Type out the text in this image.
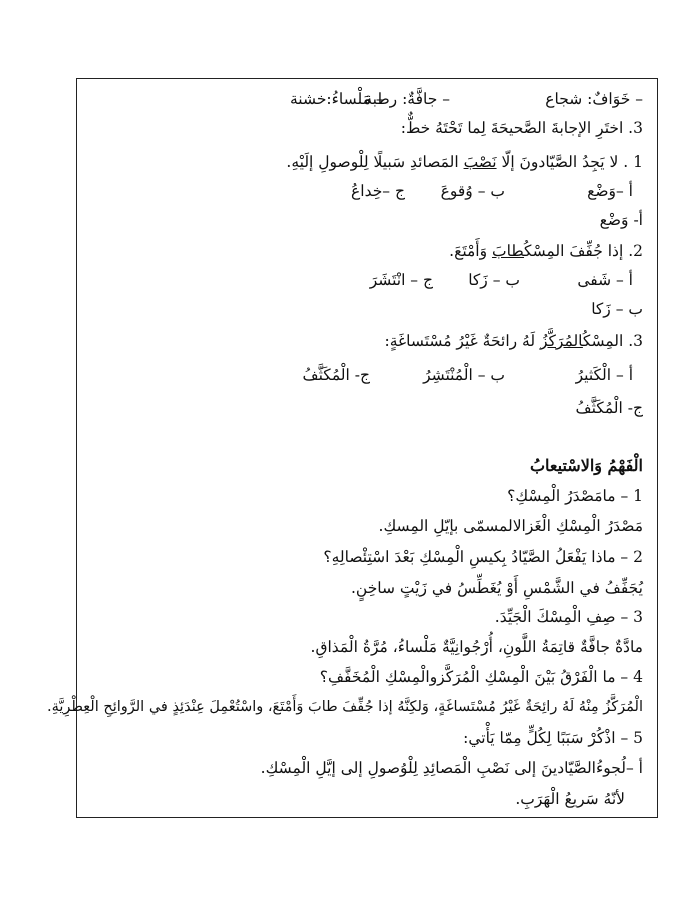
– خَوَافٌ: شجاع
– جافَّةٌ: رطبة
– مَلْساءُ:خشنة
3. اختَرِ الإجابةَ الصَّحيحَةَ لِما تَحْتَهُ خطٌّ:
1 . لا يَجِدُ الصَّيّادونَ إلّا نَصْبَ المَصائدِ سَبيلًا لِلْوصولِ إلَيْهِ.
أ –وَضْع
ب – وُقوعَ
ج –خِداعُ
أ- وَضْع
2. إذا جُفِّفَ المِسْكُطابَ وَأَمْتَعَ.
أ – شَفى
ب – زَكا
ج – انْتَشَرَ
ب – زَكا
3. المِسْكُالمُرَكَّزُ لَهُ رائحَةٌ غَيْرُ مُسْتَساغَةٍ:
أ – الْكَثيرُ
ب – الْمُنْتَشِرُ
ج- الْمُكَثَّفُ
ج- الْمُكَثَّفُ
الْفَهْمُ وَالاسْتيعابُ
1 – مامَصْدَرُ الْمِسْكِ؟
مَصْدَرُ الْمِسْكِ الْغَزالالمسمّى بإيّلِ المِسكِ.
2 – ماذا يَفْعَلُ الصَّيّادُ بِكيسِ الْمِسْكِ بَعْدَ اسْتِئْصالِهِ؟
يُجَفِّفُ في الشَّمْسِ أَوْ يُغَطِّسُ في زَيْتٍ ساخِنٍ.
3 – صِفِ الْمِسْكَ الْجَيِّدَ.
مادَّةٌ جافَّةٌ قاتِمَةُ اللَّونِ، أُرْجُوانِيَّةٌ مَلْساءُ، مُرَّةُ الْمَذاقِ.
4 – ما الْفَرْقُ بَيْنَ الْمِسْكِ الْمُرَكَّزوالْمِسْكِ الْمُخَفَّفِ؟
الْمُرَكَّزُ مِنْهُ لَهُ رائِحَةٌ غَيْرُ مُسْتَساغَةٍ، وَلكِنَّهُ إذا جُفِّفَ طابَ وَأَمْتَعَ، واسْتُعْمِلَ عِنْدَئِذٍ في الرَّوائِحِ الْعِطْرِيَّةِ.
5 – اذْكُرْ سَبَبًا لِكُلٍّ مِمّا يَأْتي:
أ –لُجوءُالصَّيّادينَ إلى نَصْبِ الْمَصائِدِ لِلْوُصولِ إلى إيَّلِ الْمِسْكِ.
لأنّهُ سَريعُ الْهَرَبِ.
